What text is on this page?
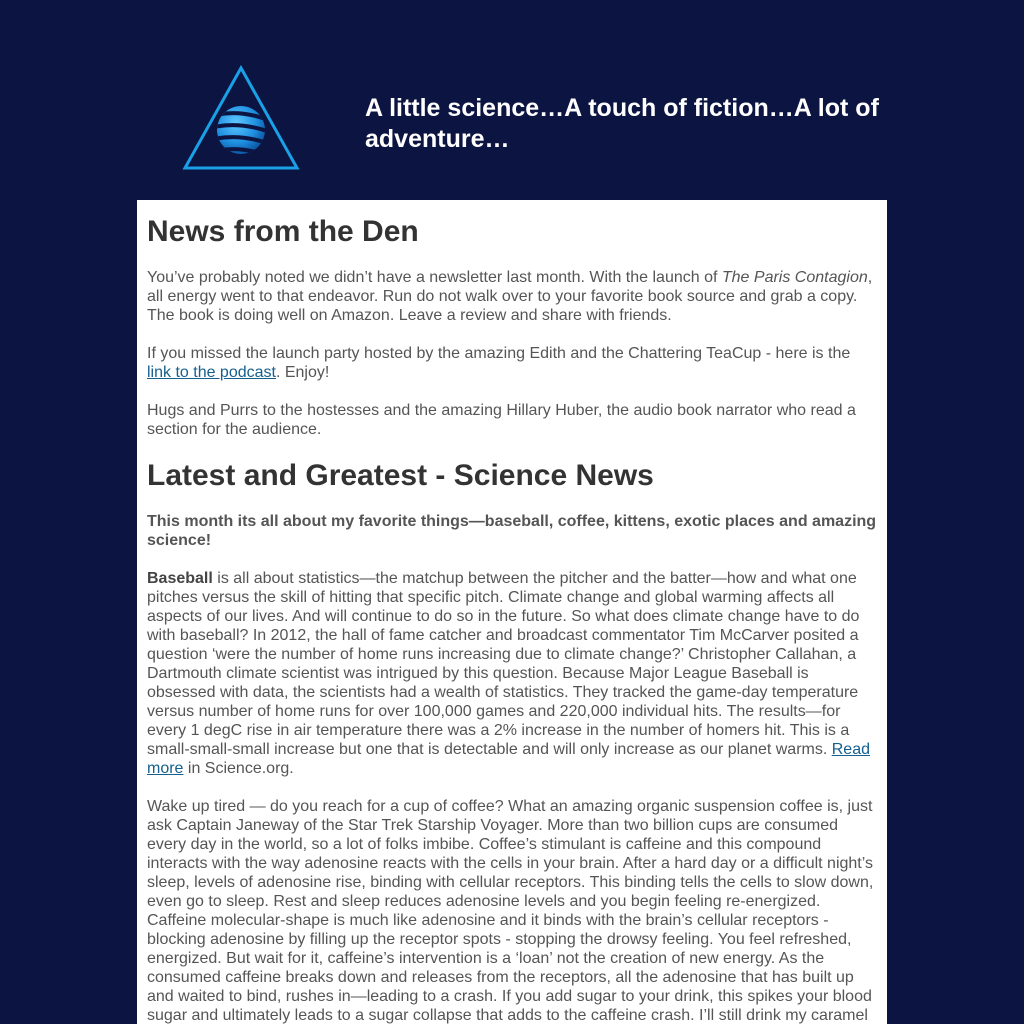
A little science…A touch of fiction…A lot of adventure…
News from the Den

You’ve probably noted we didn’t have a newsletter last month. With the launch of The Paris Contagion, all energy went to that endeavor. Run do not walk over to your favorite book source and grab a copy. The book is doing well on Amazon. Leave a review and share with friends.

If you missed the launch party hosted by the amazing Edith and the Chattering TeaCup - here is the link to the podcast. Enjoy!

Hugs and Purrs to the hostesses and the amazing Hillary Huber, the audio book narrator who read a section for the audience.

Latest and Greatest - Science News

This month its all about my favorite things—baseball, coffee, kittens, exotic places and amazing science!

Baseball is all about statistics—the matchup between the pitcher and the batter—how and what one pitches versus the skill of hitting that specific pitch. Climate change and global warming affects all aspects of our lives. And will continue to do so in the future. So what does climate change have to do with baseball? In 2012, the hall of fame catcher and broadcast commentator Tim McCarver posited a question ‘were the number of home runs increasing due to climate change?’ Christopher Callahan, a Dartmouth climate scientist was intrigued by this question. Because Major League Baseball is obsessed with data, the scientists had a wealth of statistics. They tracked the game-day temperature versus number of home runs for over 100,000 games and 220,000 individual hits. The results—for every 1 degC rise in air temperature there was a 2% increase in the number of homers hit. This is a small-small-small increase but one that is detectable and will only increase as our planet warms. Read more in Science.org.

Wake up tired — do you reach for a cup of coffee? What an amazing organic suspension coffee is, just ask Captain Janeway of the Star Trek Starship Voyager. More than two billion cups are consumed every day in the world, so a lot of folks imbibe. Coffee’s stimulant is caffeine and this compound interacts with the way adenosine reacts with the cells in your brain. After a hard day or a difficult night’s sleep, levels of adenosine rise, binding with cellular receptors. This binding tells the cells to slow down, even go to sleep. Rest and sleep reduces adenosine levels and you begin feeling re-energized. Caffeine molecular-shape is much like adenosine and it binds with the brain’s cellular receptors - blocking adenosine by filling up the receptor spots - stopping the drowsy feeling. You feel refreshed, energized. But wait for it, caffeine’s intervention is a ‘loan’ not the creation of new energy. As the consumed caffeine breaks down and releases from the receptors, all the adenosine that has built up and waited to bind, rushes in—leading to a crash. If you add sugar to your drink, this spikes your blood sugar and ultimately leads to a sugar collapse that adds to the caffeine crash. I’ll still drink my caramel
